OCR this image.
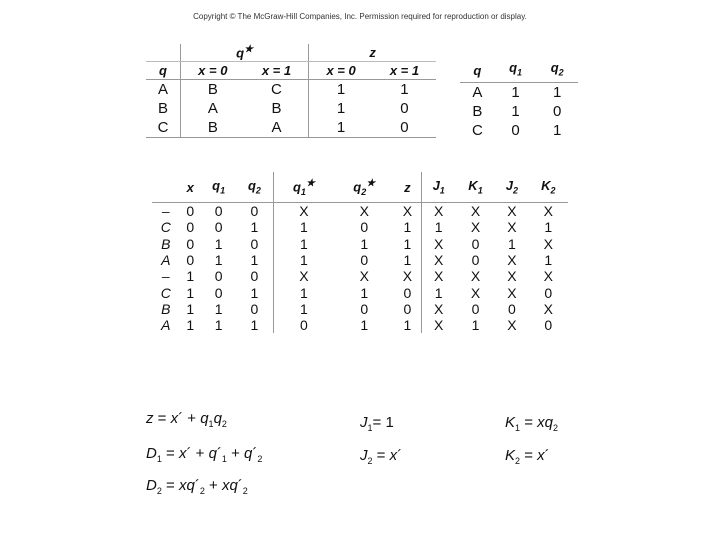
Copyright © The McGraw-Hill Companies, Inc. Permission required for reproduction or display.
	q★		z	
q	x = 0	x = 1	x = 0	x = 1
A	B	C	1	1
B	A	B	1	0
C	B	A	1	0
q	$q_1$	$q_2$
A	1	1
B	1	0
C	0	1
	x	$q_1$	$q_2$	$q_1^★$	$q_2^★$	z	$J_1$	$K_1$	$J_2$	$K_2$
–	0	0	0	X	X	X	X	X	X	X
C	0	0	1	1	0	1	1	X	X	1
B	0	1	0	1	1	1	X	0	1	X
A	0	1	1	1	0	1	X	0	X	1
–	1	0	0	X	X	X	X	X	X	X
C	1	0	1	1	1	0	1	X	X	0
B	1	1	0	1	0	0	X	0	0	X
A	1	1	1	0	1	1	X	1	X	0
z = x´ + $q_1q_2$	$J_1= 1$	$K_1 = xq_2$
$D_1$ = x´ + $q´_1$ + $q´_2$	$J_2$ = x´	$K_2$ = x´
$D_2$ = $xq´_2$ + $xq´_2$
